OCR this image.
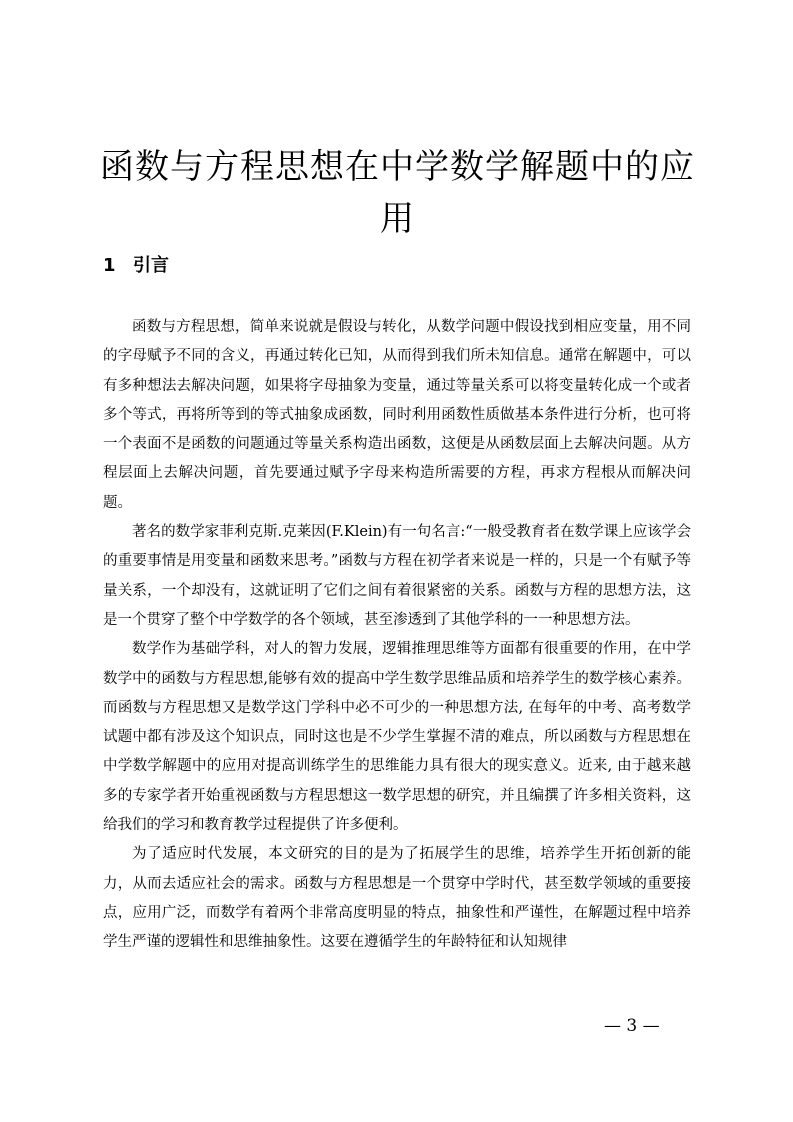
函数与方程思想在中学数学解题中的应用
1 引言

函数与方程思想，简单来说就是假设与转化，从数学问题中假设找到相应变量，用不同的字母赋予不同的含义，再通过转化已知，从而得到我们所未知信息。通常在解题中，可以有多种想法去解决问题，如果将字母抽象为变量，通过等量关系可以将变量转化成一个或者多个等式，再将所等到的等式抽象成函数，同时利用函数性质做基本条件进行分析，也可将一个表面不是函数的问题通过等量关系构造出函数，这便是从函数层面上去解决问题。从方程层面上去解决问题，首先要通过赋予字母来构造所需要的方程，再求方程根从而解决问题。

著名的数学家菲利克斯.克莱因(F.Klein)有一句名言:“一般受教育者在数学课上应该学会的重要事情是用变量和函数来思考。”函数与方程在初学者来说是一样的，只是一个有赋予等量关系，一个却没有，这就证明了它们之间有着很紧密的关系。函数与方程的思想方法，这是一个贯穿了整个中学数学的各个领域，甚至渗透到了其他学科的一一种思想方法。

数学作为基础学科，对人的智力发展，逻辑推理思维等方面都有很重要的作用，在中学数学中的函数与方程思想,能够有效的提高中学生数学思维品质和培养学生的数学核心素养。而函数与方程思想又是数学这门学科中必不可少的一种思想方法, 在每年的中考、高考数学试题中都有涉及这个知识点，同时这也是不少学生掌握不清的难点，所以函数与方程思想在中学数学解题中的应用对提高训练学生的思维能力具有很大的现实意义。近来, 由于越来越多的专家学者开始重视函数与方程思想这一数学思想的研究，并且编撰了许多相关资料，这给我们的学习和教育教学过程提供了许多便利。

为了适应时代发展，本文研究的目的是为了拓展学生的思维，培养学生开拓创新的能力，从而去适应社会的需求。函数与方程思想是一个贯穿中学时代，甚至数学领域的重要接点，应用广泛，而数学有着两个非常高度明显的特点，抽象性和严谨性，在解题过程中培养学生严谨的逻辑性和思维抽象性。这要在遵循学生的年龄特征和认知规律

— 3 —
